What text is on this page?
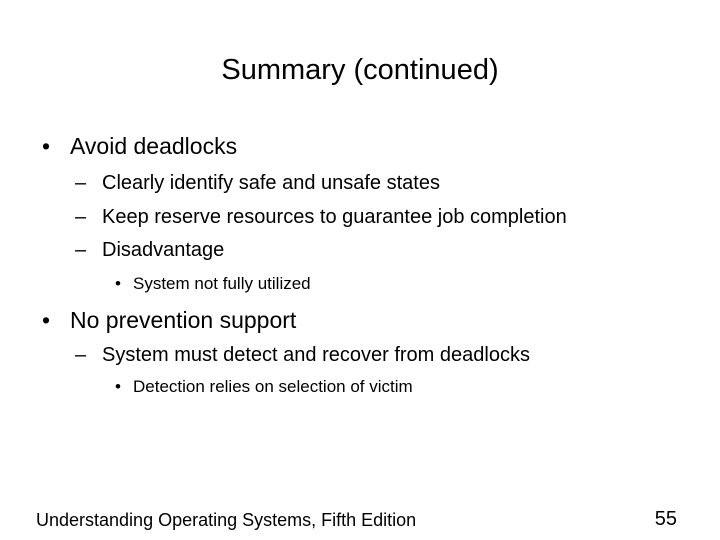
Summary (continued)
• Avoid deadlocks
– Clearly identify safe and unsafe states
– Keep reserve resources to guarantee job completion
– Disadvantage
• System not fully utilized
• No prevention support
– System must detect and recover from deadlocks
• Detection relies on selection of victim
Understanding Operating Systems, Fifth Edition	55
